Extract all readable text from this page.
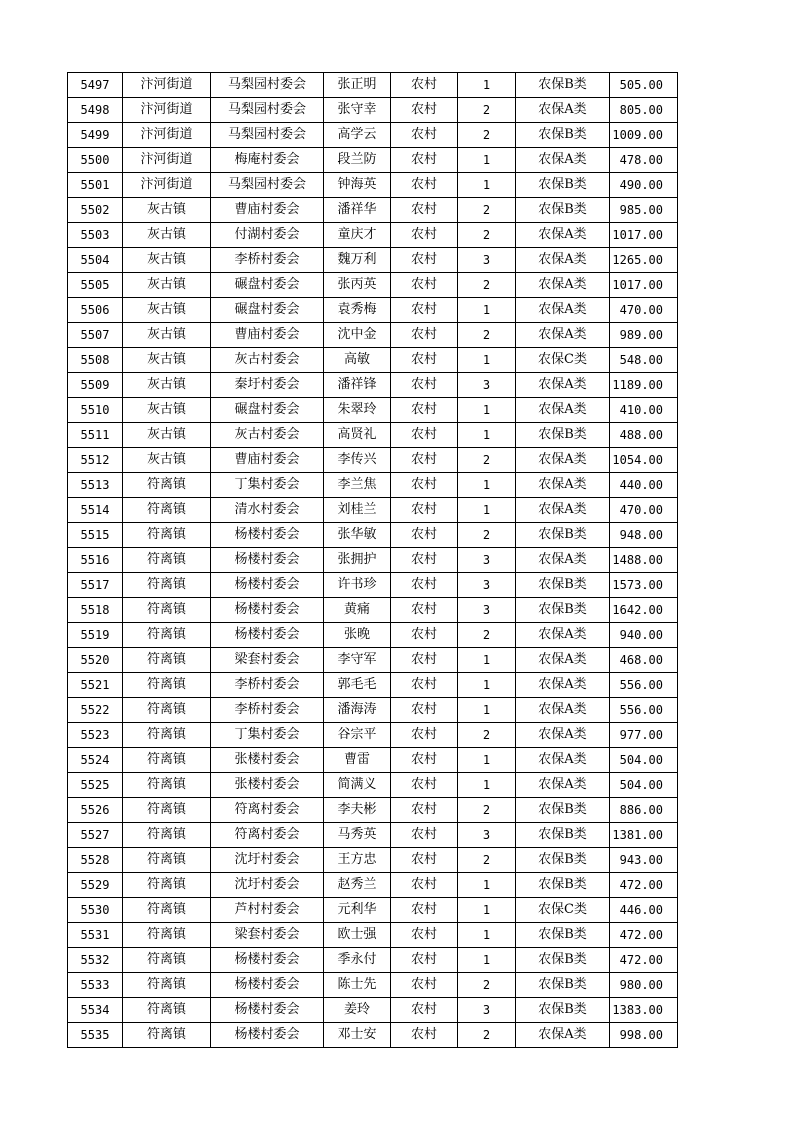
5497	汴河街道	马梨园村委会	张正明	农村	1	农保B类	505.00
5498	汴河街道	马梨园村委会	张守幸	农村	2	农保A类	805.00
5499	汴河街道	马梨园村委会	高学云	农村	2	农保B类	1009.00
5500	汴河街道	梅庵村委会	段兰防	农村	1	农保A类	478.00
5501	汴河街道	马梨园村委会	钟海英	农村	1	农保B类	490.00
5502	灰古镇	曹庙村委会	潘祥华	农村	2	农保B类	985.00
5503	灰古镇	付湖村委会	童庆才	农村	2	农保A类	1017.00
5504	灰古镇	李桥村委会	魏万利	农村	3	农保A类	1265.00
5505	灰古镇	碾盘村委会	张丙英	农村	2	农保A类	1017.00
5506	灰古镇	碾盘村委会	袁秀梅	农村	1	农保A类	470.00
5507	灰古镇	曹庙村委会	沈中金	农村	2	农保A类	989.00
5508	灰古镇	灰古村委会	高敏	农村	1	农保C类	548.00
5509	灰古镇	秦圩村委会	潘祥锋	农村	3	农保A类	1189.00
5510	灰古镇	碾盘村委会	朱翠玲	农村	1	农保A类	410.00
5511	灰古镇	灰古村委会	高贤礼	农村	1	农保B类	488.00
5512	灰古镇	曹庙村委会	李传兴	农村	2	农保A类	1054.00
5513	符离镇	丁集村委会	李兰焦	农村	1	农保A类	440.00
5514	符离镇	清水村委会	刘桂兰	农村	1	农保A类	470.00
5515	符离镇	杨楼村委会	张华敏	农村	2	农保B类	948.00
5516	符离镇	杨楼村委会	张拥护	农村	3	农保A类	1488.00
5517	符离镇	杨楼村委会	许书珍	农村	3	农保B类	1573.00
5518	符离镇	杨楼村委会	黄痛	农村	3	农保B类	1642.00
5519	符离镇	杨楼村委会	张晚	农村	2	农保A类	940.00
5520	符离镇	梁套村委会	李守军	农村	1	农保A类	468.00
5521	符离镇	李桥村委会	郭毛毛	农村	1	农保A类	556.00
5522	符离镇	李桥村委会	潘海涛	农村	1	农保A类	556.00
5523	符离镇	丁集村委会	谷宗平	农村	2	农保A类	977.00
5524	符离镇	张楼村委会	曹雷	农村	1	农保A类	504.00
5525	符离镇	张楼村委会	简满义	农村	1	农保A类	504.00
5526	符离镇	符离村委会	李夫彬	农村	2	农保B类	886.00
5527	符离镇	符离村委会	马秀英	农村	3	农保B类	1381.00
5528	符离镇	沈圩村委会	王方忠	农村	2	农保B类	943.00
5529	符离镇	沈圩村委会	赵秀兰	农村	1	农保B类	472.00
5530	符离镇	芦村村委会	元利华	农村	1	农保C类	446.00
5531	符离镇	梁套村委会	欧士强	农村	1	农保B类	472.00
5532	符离镇	杨楼村委会	季永付	农村	1	农保B类	472.00
5533	符离镇	杨楼村委会	陈士先	农村	2	农保B类	980.00
5534	符离镇	杨楼村委会	姜玲	农村	3	农保B类	1383.00
5535	符离镇	杨楼村委会	邓士安	农村	2	农保A类	998.00
